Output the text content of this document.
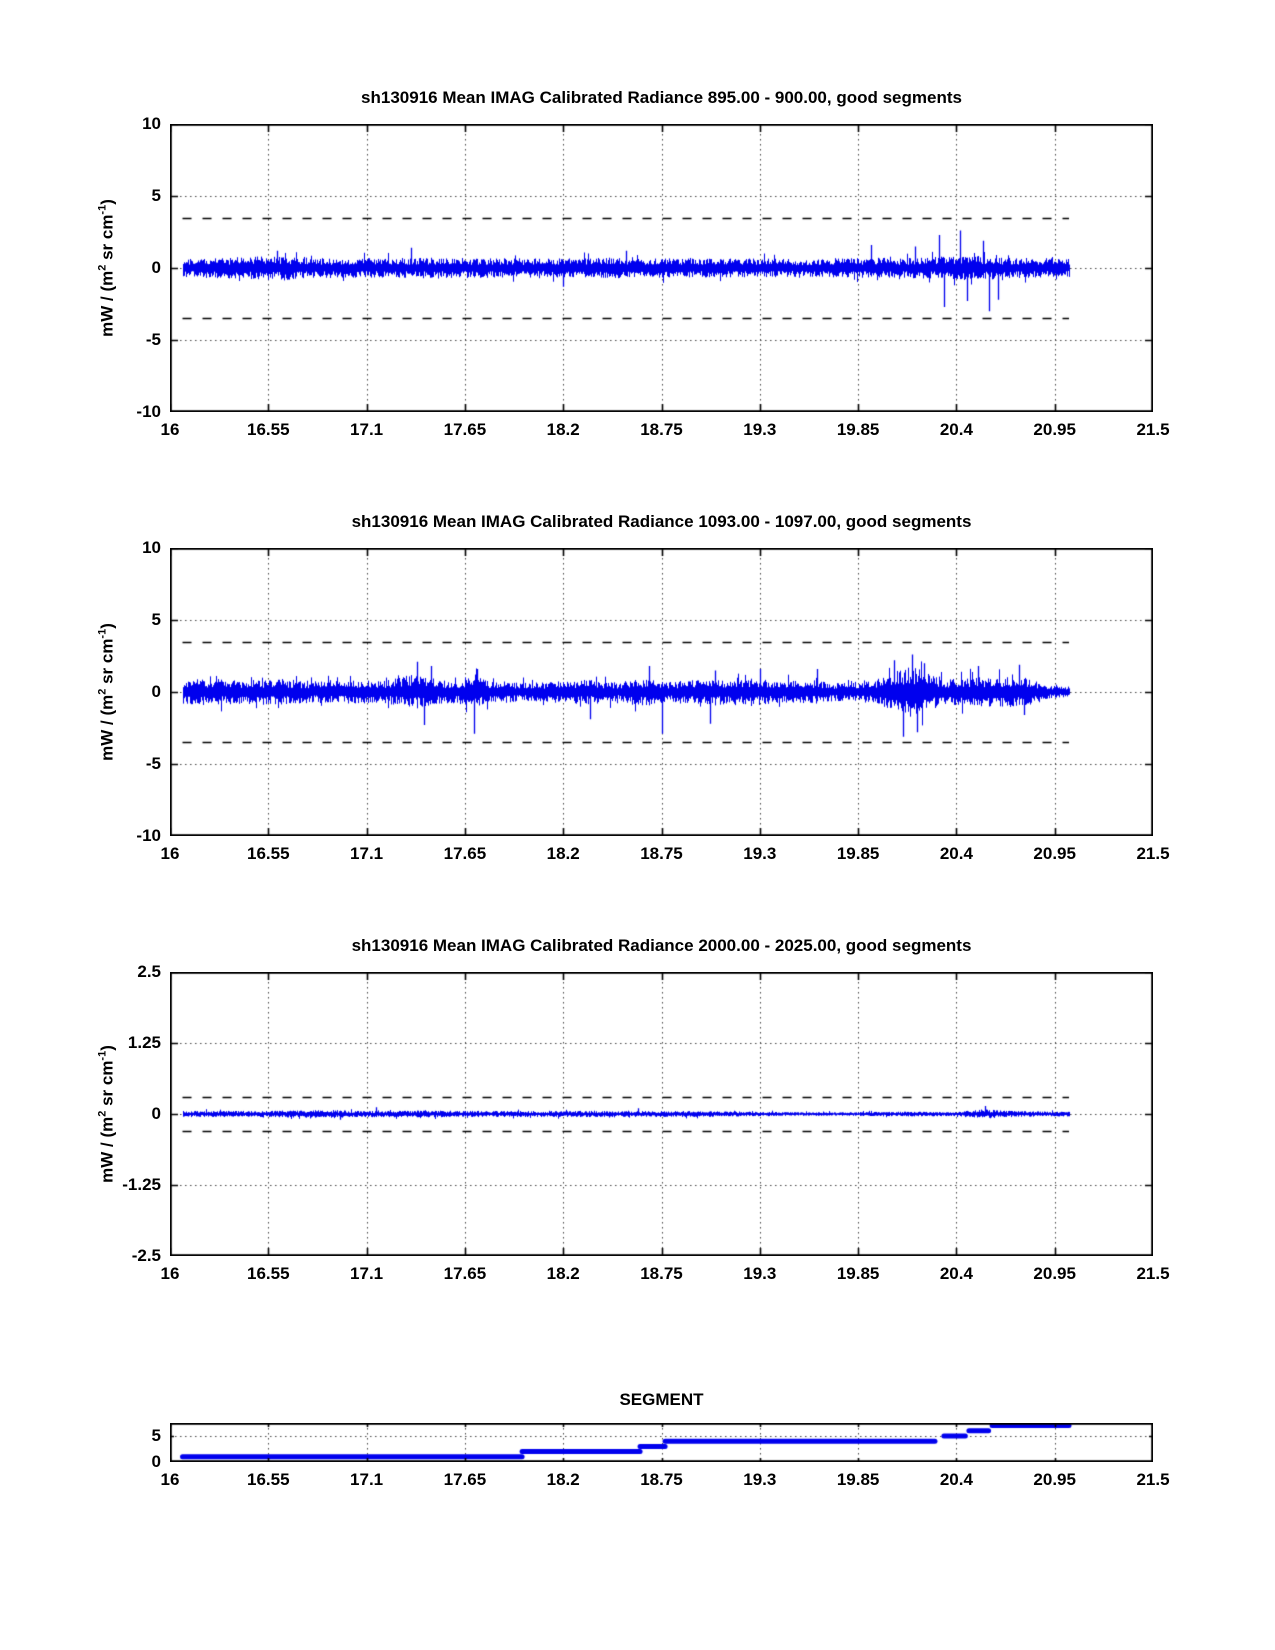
sh130916 Mean IMAG Calibrated Radiance 895.00 - 900.00, good segments
mW / ($m^2$ sr $cm^{-1}$)
16	16.55	17.1	17.65	18.2	18.75	19.3	19.85	20.4	20.95	21.5
10
5
0
-5
-10
sh130916 Mean IMAG Calibrated Radiance 1093.00 - 1097.00, good segments
mW / ($m^2$ sr $cm^{-1}$)
16	16.55	17.1	17.65	18.2	18.75	19.3	19.85	20.4	20.95	21.5
10
5
0
-5
-10
sh130916 Mean IMAG Calibrated Radiance 2000.00 - 2025.00, good segments
mW / ($m^2$ sr $cm^{-1}$)
16	16.55	17.1	17.65	18.2	18.75	19.3	19.85	20.4	20.95	21.5
2.5
1.25
0
-1.25
-2.5
SEGMENT
16	16.55	17.1	17.65	18.2	18.75	19.3	19.85	20.4	20.95	21.5
5
0
